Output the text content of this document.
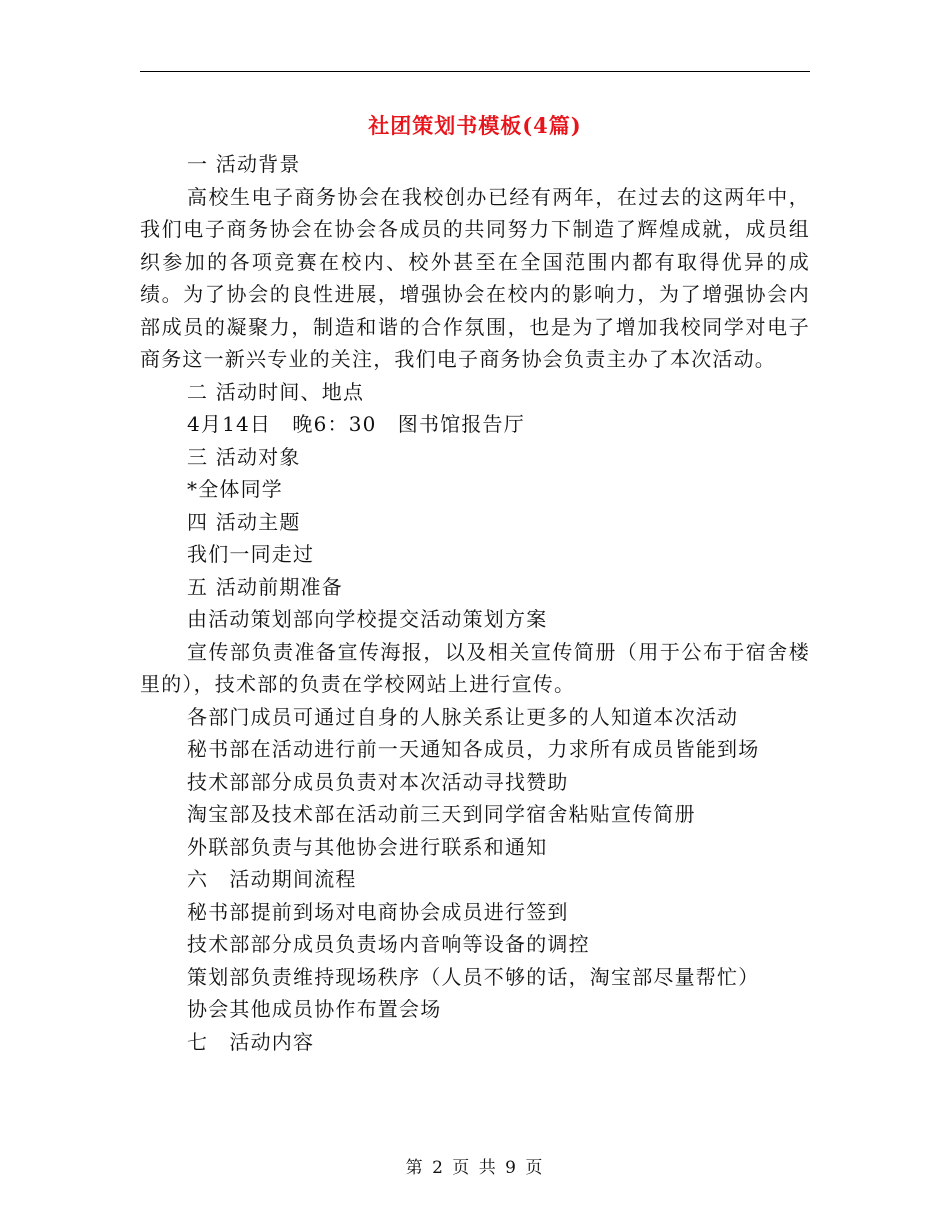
社团策划书模板(4篇)

一 活动背景

高校生电子商务协会在我校创办已经有两年，在过去的这两年中，我们电子商务协会在协会各成员的共同努力下制造了辉煌成就，成员组织参加的各项竞赛在校内、校外甚至在全国范围内都有取得优异的成绩。为了协会的良性进展，增强协会在校内的影响力，为了增强协会内部成员的凝聚力，制造和谐的合作氛围，也是为了增加我校同学对电子商务这一新兴专业的关注，我们电子商务协会负责主办了本次活动。

二 活动时间、地点

4月14日　晚6：30　图书馆报告厅

三 活动对象

*全体同学

四 活动主题

我们一同走过

五 活动前期准备

由活动策划部向学校提交活动策划方案

宣传部负责准备宣传海报，以及相关宣传简册（用于公布于宿舍楼里的），技术部的负责在学校网站上进行宣传。

各部门成员可通过自身的人脉关系让更多的人知道本次活动

秘书部在活动进行前一天通知各成员，力求所有成员皆能到场

技术部部分成员负责对本次活动寻找赞助

淘宝部及技术部在活动前三天到同学宿舍粘贴宣传简册

外联部负责与其他协会进行联系和通知

六　活动期间流程

秘书部提前到场对电商协会成员进行签到

技术部部分成员负责场内音响等设备的调控

策划部负责维持现场秩序（人员不够的话，淘宝部尽量帮忙）

协会其他成员协作布置会场

七　活动内容

第 2 页 共 9 页
